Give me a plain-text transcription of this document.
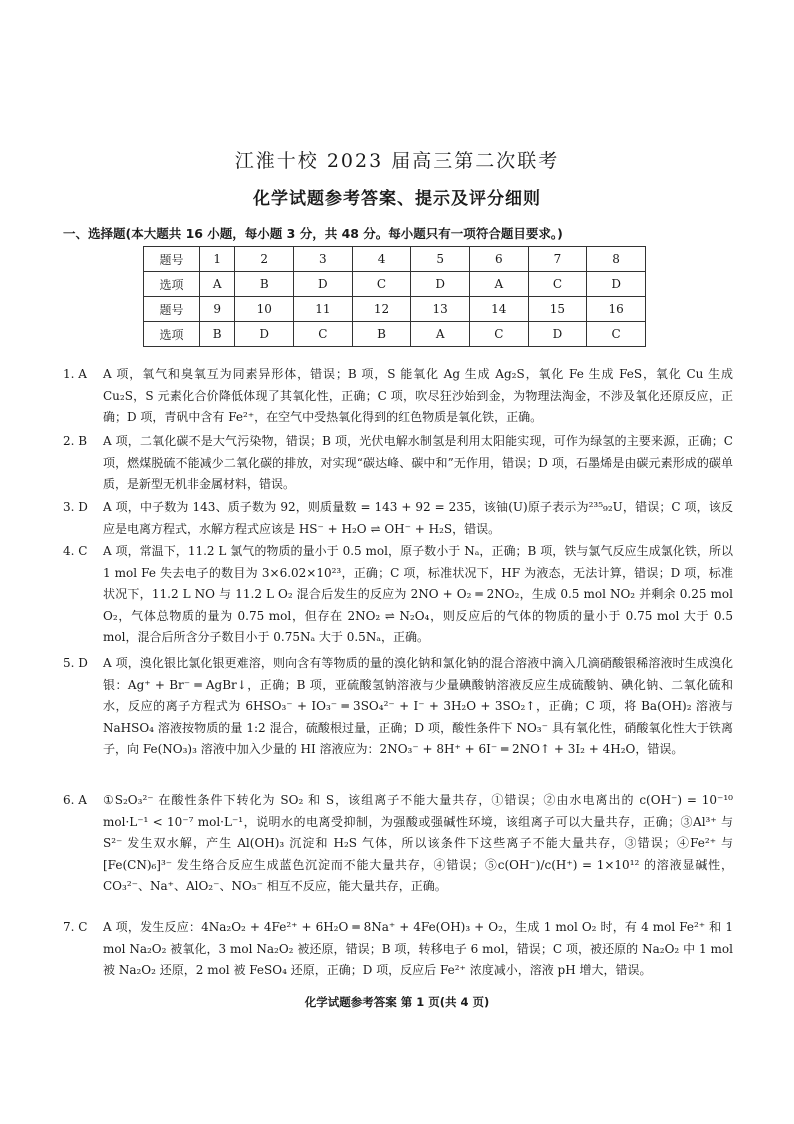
江淮十校 2023 届高三第二次联考
化学试题参考答案、提示及评分细则
一、选择题(本大题共 16 小题，每小题 3 分，共 48 分。每小题只有一项符合题目要求。)
题号	1	2	3	4	5	6	7	8
选项	A	B	D	C	D	A	C	D
题号	9	10	11	12	13	14	15	16
选项	B	D	C	B	A	C	D	C
1. A	A 项，氧气和臭氧互为同素异形体，错误；B 项，S 能氧化 Ag 生成 Ag₂S，氧化 Fe 生成 FeS，氧化 Cu 生成 Cu₂S，S 元素化合价降低体现了其氧化性，正确；C 项，吹尽狂沙始到金，为物理法淘金，不涉及氧化还原反应，正确；D 项，青矾中含有 Fe²⁺，在空气中受热氧化得到的红色物质是氧化铁，正确。
2. B	A 项，二氧化碳不是大气污染物，错误；B 项，光伏电解水制氢是利用太阳能实现，可作为绿氢的主要来源，正确；C 项，燃煤脱硫不能减少二氧化碳的排放，对实现“碳达峰、碳中和”无作用，错误；D 项，石墨烯是由碳元素形成的碳单质，是新型无机非金属材料，错误。
3. D	A 项，中子数为 143、质子数为 92，则质量数 = 143 + 92 = 235，该铀(U)原子表示为²³⁵₉₂U，错误；C 项，该反应是电离方程式，水解方程式应该是 HS⁻ + H₂O ⇌ OH⁻ + H₂S，错误。
4. C	A 项，常温下，11.2 L 氯气的物质的量小于 0.5 mol，原子数小于 Nₐ，正确；B 项，铁与氯气反应生成氯化铁，所以 1 mol Fe 失去电子的数目为 3×6.02×10²³，正确；C 项，标准状况下，HF 为液态，无法计算，错误；D 项，标准状况下，11.2 L NO 与 11.2 L O₂ 混合后发生的反应为 2NO + O₂ ═ 2NO₂，生成 0.5 mol NO₂ 并剩余 0.25 mol O₂，气体总物质的量为 0.75 mol，但存在 2NO₂ ⇌ N₂O₄，则反应后的气体的物质的量小于 0.75 mol 大于 0.5 mol，混合后所含分子数目小于 0.75Nₐ 大于 0.5Nₐ，正确。
5. D	A 项，溴化银比氯化银更难溶，则向含有等物质的量的溴化钠和氯化钠的混合溶液中滴入几滴硝酸银稀溶液时生成溴化银：Ag⁺ + Br⁻ ═ AgBr↓，正确；B 项，亚硫酸氢钠溶液与少量碘酸钠溶液反应生成硫酸钠、碘化钠、二氧化硫和水，反应的离子方程式为 6HSO₃⁻ + IO₃⁻ ═ 3SO₄²⁻ + I⁻ + 3H₂O + 3SO₂↑，正确；C 项，将 Ba(OH)₂ 溶液与 NaHSO₄ 溶液按物质的量 1:2 混合，硫酸根过量，正确；D 项，酸性条件下 NO₃⁻ 具有氧化性，硝酸氧化性大于铁离子，向 Fe(NO₃)₃ 溶液中加入少量的 HI 溶液应为：2NO₃⁻ + 8H⁺ + 6I⁻ ═ 2NO↑ + 3I₂ + 4H₂O，错误。
6. A	①S₂O₃²⁻ 在酸性条件下转化为 SO₂ 和 S，该组离子不能大量共存，①错误；②由水电离出的 c(OH⁻) = 10⁻¹⁰ mol·L⁻¹ < 10⁻⁷ mol·L⁻¹，说明水的电离受抑制，为强酸或强碱性环境，该组离子可以大量共存，正确；③Al³⁺ 与 S²⁻ 发生双水解，产生 Al(OH)₃ 沉淀和 H₂S 气体，所以该条件下这些离子不能大量共存，③错误；④Fe²⁺ 与 [Fe(CN)₆]³⁻ 发生络合反应生成蓝色沉淀而不能大量共存，④错误；⑤c(OH⁻)/c(H⁺) = 1×10¹² 的溶液显碱性，CO₃²⁻、Na⁺、AlO₂⁻、NO₃⁻ 相互不反应，能大量共存，正确。
7. C	A 项，发生反应：4Na₂O₂ + 4Fe²⁺ + 6H₂O ═ 8Na⁺ + 4Fe(OH)₃ + O₂，生成 1 mol O₂ 时，有 4 mol Fe²⁺ 和 1 mol Na₂O₂ 被氧化，3 mol Na₂O₂ 被还原，错误；B 项，转移电子 6 mol，错误；C 项，被还原的 Na₂O₂ 中 1 mol 被 Na₂O₂ 还原，2 mol 被 FeSO₄ 还原，正确；D 项，反应后 Fe²⁺ 浓度减小，溶液 pH 增大，错误。
化学试题参考答案 第 1 页(共 4 页)
